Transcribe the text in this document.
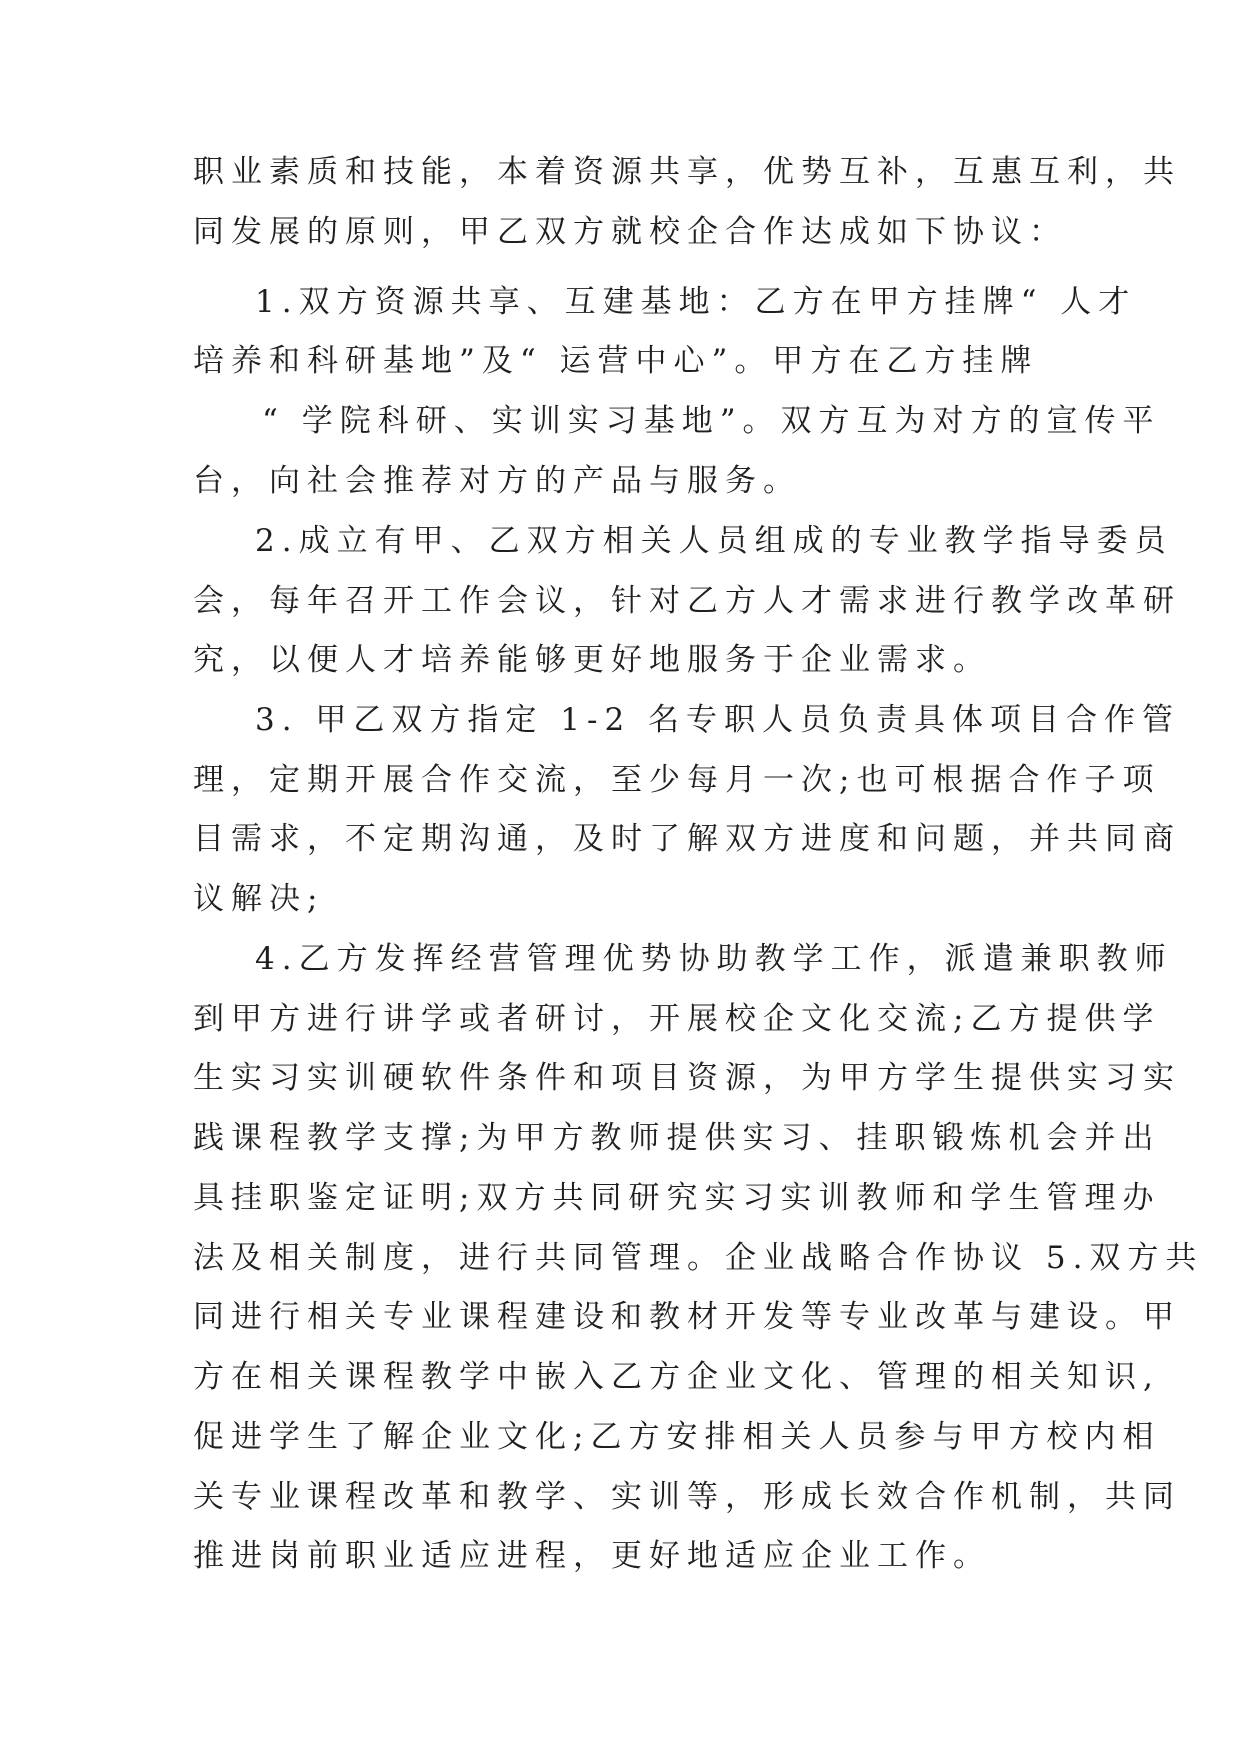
职业素质和技能，本着资源共享，优势互补，互惠互利，共
同发展的原则，甲乙双方就校企合作达成如下协议：
1.双方资源共享、互建基地：乙方在甲方挂牌“ 人才
培养和科研基地”及“ 运营中心”。甲方在乙方挂牌
“ 学院科研、实训实习基地”。双方互为对方的宣传平
台，向社会推荐对方的产品与服务。
2.成立有甲、乙双方相关人员组成的专业教学指导委员
会，每年召开工作会议，针对乙方人才需求进行教学改革研
究，以便人才培养能够更好地服务于企业需求。
3. 甲乙双方指定 1-2 名专职人员负责具体项目合作管
理，定期开展合作交流，至少每月一次;也可根据合作子项
目需求，不定期沟通，及时了解双方进度和问题，并共同商
议解决;
4.乙方发挥经营管理优势协助教学工作，派遣兼职教师
到甲方进行讲学或者研讨，开展校企文化交流;乙方提供学
生实习实训硬软件条件和项目资源，为甲方学生提供实习实
践课程教学支撑;为甲方教师提供实习、挂职锻炼机会并出
具挂职鉴定证明;双方共同研究实习实训教师和学生管理办
法及相关制度，进行共同管理。企业战略合作协议 5.双方共
同进行相关专业课程建设和教材开发等专业改革与建设。甲
方在相关课程教学中嵌入乙方企业文化、管理的相关知识,
促进学生了解企业文化;乙方安排相关人员参与甲方校内相
关专业课程改革和教学、实训等，形成长效合作机制，共同
推进岗前职业适应进程，更好地适应企业工作。
